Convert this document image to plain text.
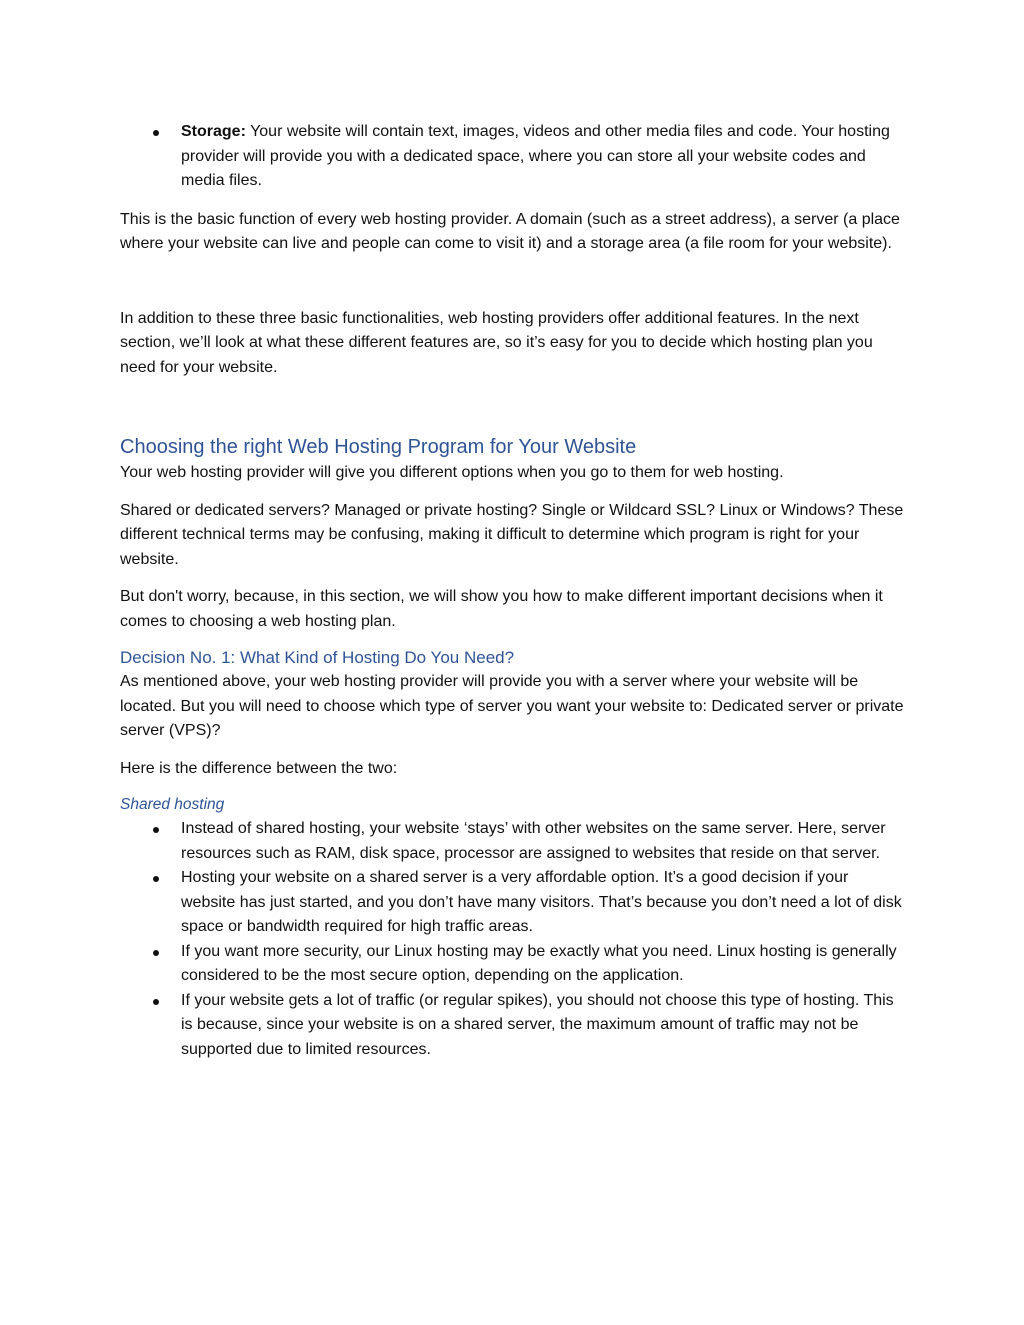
Storage: Your website will contain text, images, videos and other media files and code. Your hosting provider will provide you with a dedicated space, where you can store all your website codes and media files.

This is the basic function of every web hosting provider. A domain (such as a street address), a server (a place where your website can live and people can come to visit it) and a storage area (a file room for your website).

In addition to these three basic functionalities, web hosting providers offer additional features. In the next section, we’ll look at what these different features are, so it’s easy for you to decide which hosting plan you need for your website.

Choosing the right Web Hosting Program for Your Website

Your web hosting provider will give you different options when you go to them for web hosting.

Shared or dedicated servers? Managed or private hosting? Single or Wildcard SSL? Linux or Windows? These different technical terms may be confusing, making it difficult to determine which program is right for your website.

But don't worry, because, in this section, we will show you how to make different important decisions when it comes to choosing a web hosting plan.

Decision No. 1: What Kind of Hosting Do You Need?

As mentioned above, your web hosting provider will provide you with a server where your website will be located. But you will need to choose which type of server you want your website to: Dedicated server or private server (VPS)?

Here is the difference between the two:

Shared hosting
Instead of shared hosting, your website ‘stays’ with other websites on the same server. Here, server resources such as RAM, disk space, processor are assigned to websites that reside on that server.
Hosting your website on a shared server is a very affordable option. It’s a good decision if your website has just started, and you don’t have many visitors. That’s because you don’t need a lot of disk space or bandwidth required for high traffic areas.
If you want more security, our Linux hosting may be exactly what you need. Linux hosting is generally considered to be the most secure option, depending on the application.
If your website gets a lot of traffic (or regular spikes), you should not choose this type of hosting. This is because, since your website is on a shared server, the maximum amount of traffic may not be supported due to limited resources.
